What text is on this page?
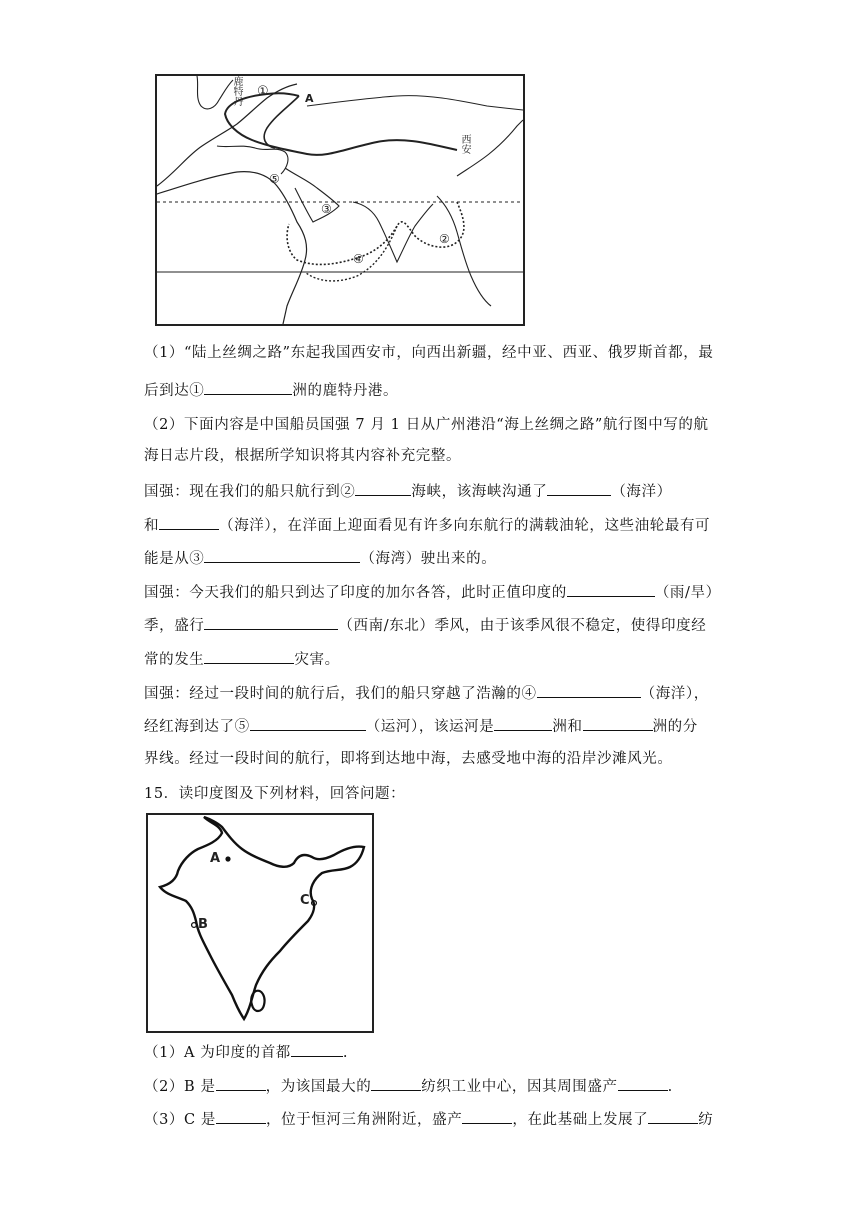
鹿特丹 ①	A
西安
⑤
③
②
④
（1）“陆上丝绸之路”东起我国西安市，向西出新疆，经中亚、西亚、俄罗斯首都，最
后到达①	洲的鹿特丹港。
（2）下面内容是中国船员国强 7 月 1 日从广州港沿“海上丝绸之路”航行图中写的航
海日志片段，根据所学知识将其内容补充完整。
国强：现在我们的船只航行到②	海峡，该海峡沟通了	（海洋）
和	（海洋），在洋面上迎面看见有许多向东航行的满载油轮，这些油轮最有可
能是从③	（海湾）驶出来的。
国强：今天我们的船只到达了印度的加尔各答，此时正值印度的	（雨/旱）
季，盛行	（西南/东北）季风，由于该季风很不稳定，使得印度经
常的发生	灾害。
国强：经过一段时间的航行后，我们的船只穿越了浩瀚的④	（海洋），
经红海到达了⑤	（运河），该运河是	洲和	洲的分
界线。经过一段时间的航行，即将到达地中海，去感受地中海的沿岸沙滩风光。
15．读印度图及下列材料，回答问题：
A
B
C
（1）A 为印度的首都	.
（2）B 是	，为该国最大的	纺织工业中心，因其周围盛产	.
（3）C 是	，位于恒河三角洲附近，盛产	，在此基础上发展了	纺
